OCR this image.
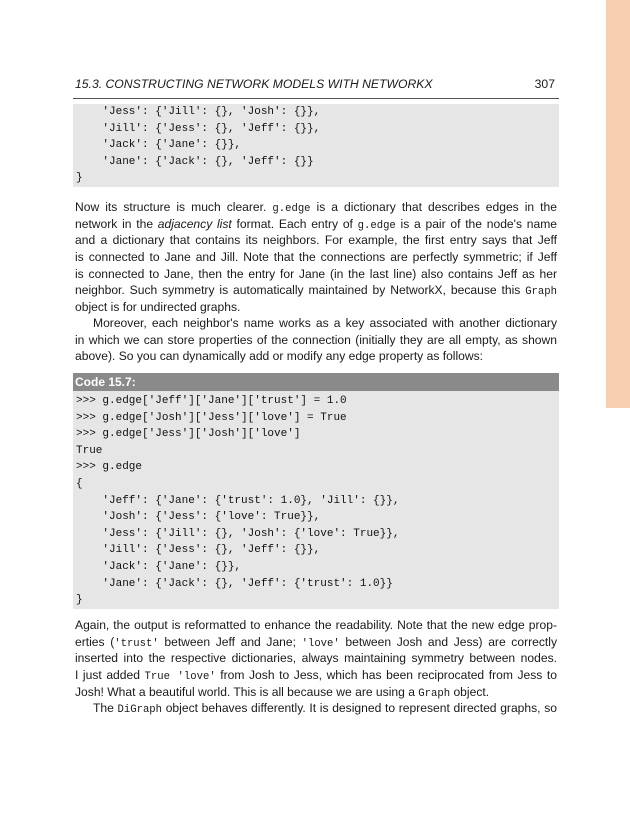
15.3. CONSTRUCTING NETWORK MODELS WITH NETWORKX	307
'Jess': {'Jill': {}, 'Josh': {}},
'Jill': {'Jess': {}, 'Jeff': {}},
'Jack': {'Jane': {}},
'Jane': {'Jack': {}, 'Jeff': {}}
}
Now its structure is much clearer. g.edge is a dictionary that describes edges in the
network in the adjacency list format. Each entry of g.edge is a pair of the node's name
and a dictionary that contains its neighbors. For example, the first entry says that Jeff
is connected to Jane and Jill. Note that the connections are perfectly symmetric; if Jeff
is connected to Jane, then the entry for Jane (in the last line) also contains Jeff as her
neighbor. Such symmetry is automatically maintained by NetworkX, because this Graph
object is for undirected graphs.
Moreover, each neighbor's name works as a key associated with another dictionary
in which we can store properties of the connection (initially they are all empty, as shown
above). So you can dynamically add or modify any edge property as follows:
Code 15.7:
>>> g.edge['Jeff']['Jane']['trust'] = 1.0
>>> g.edge['Josh']['Jess']['love'] = True
>>> g.edge['Jess']['Josh']['love']
True
>>> g.edge
{
'Jeff': {'Jane': {'trust': 1.0}, 'Jill': {}},
'Josh': {'Jess': {'love': True}},
'Jess': {'Jill': {}, 'Josh': {'love': True}},
'Jill': {'Jess': {}, 'Jeff': {}},
'Jack': {'Jane': {}},
'Jane': {'Jack': {}, 'Jeff': {'trust': 1.0}}
}
Again, the output is reformatted to enhance the readability. Note that the new edge prop-
erties ('trust' between Jeff and Jane; 'love' between Josh and Jess) are correctly
inserted into the respective dictionaries, always maintaining symmetry between nodes.
I just added True 'love' from Josh to Jess, which has been reciprocated from Jess to
Josh! What a beautiful world. This is all because we are using a Graph object.
The DiGraph object behaves differently. It is designed to represent directed graphs, so
